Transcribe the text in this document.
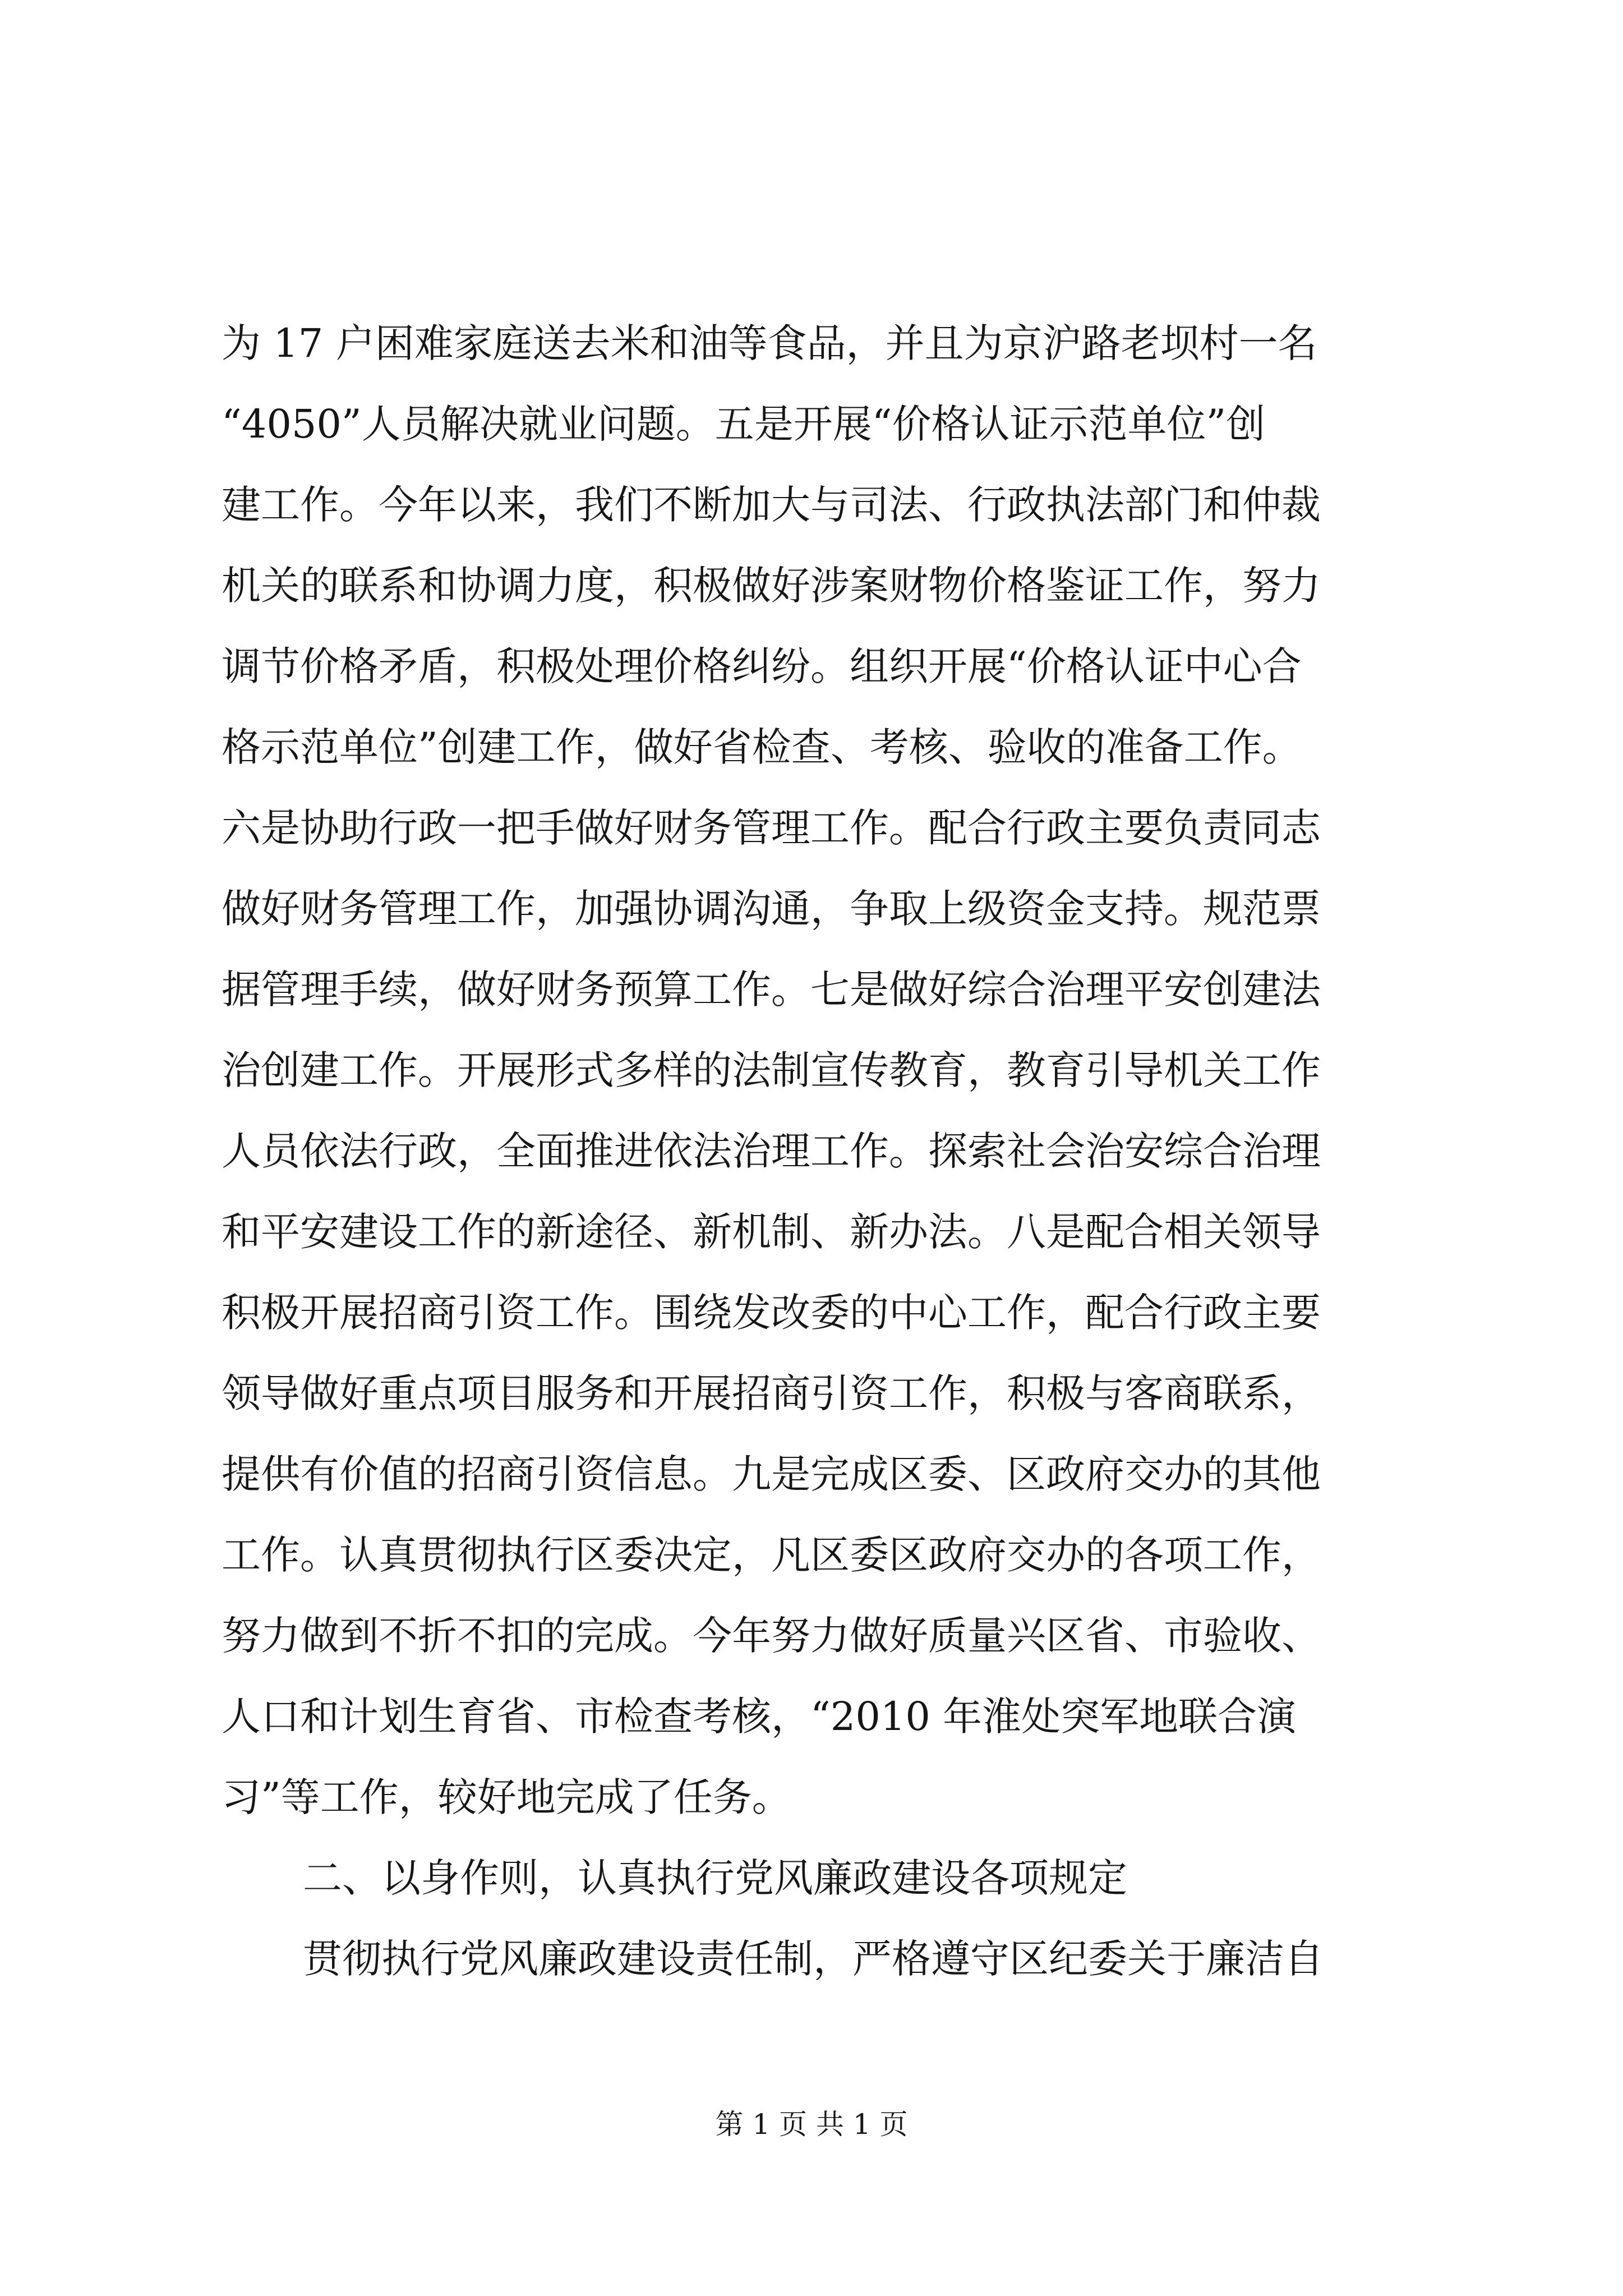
为 17 户困难家庭送去米和油等食品，并且为京沪路老坝村一名
“4050”人员解决就业问题。五是开展“价格认证示范单位”创
建工作。今年以来，我们不断加大与司法、行政执法部门和仲裁
机关的联系和协调力度，积极做好涉案财物价格鉴证工作，努力
调节价格矛盾，积极处理价格纠纷。组织开展“价格认证中心合
格示范单位”创建工作，做好省检查、考核、验收的准备工作。
六是协助行政一把手做好财务管理工作。配合行政主要负责同志
做好财务管理工作，加强协调沟通，争取上级资金支持。规范票
据管理手续，做好财务预算工作。七是做好综合治理平安创建法
治创建工作。开展形式多样的法制宣传教育，教育引导机关工作
人员依法行政，全面推进依法治理工作。探索社会治安综合治理
和平安建设工作的新途径、新机制、新办法。八是配合相关领导
积极开展招商引资工作。围绕发改委的中心工作，配合行政主要
领导做好重点项目服务和开展招商引资工作，积极与客商联系，
提供有价值的招商引资信息。九是完成区委、区政府交办的其他
工作。认真贯彻执行区委决定，凡区委区政府交办的各项工作，
努力做到不折不扣的完成。今年努力做好质量兴区省、市验收、
人口和计划生育省、市检查考核，“2010 年淮处突军地联合演
习”等工作，较好地完成了任务。
二、以身作则，认真执行党风廉政建设各项规定
贯彻执行党风廉政建设责任制，严格遵守区纪委关于廉洁自
第 1 页 共 1 页
